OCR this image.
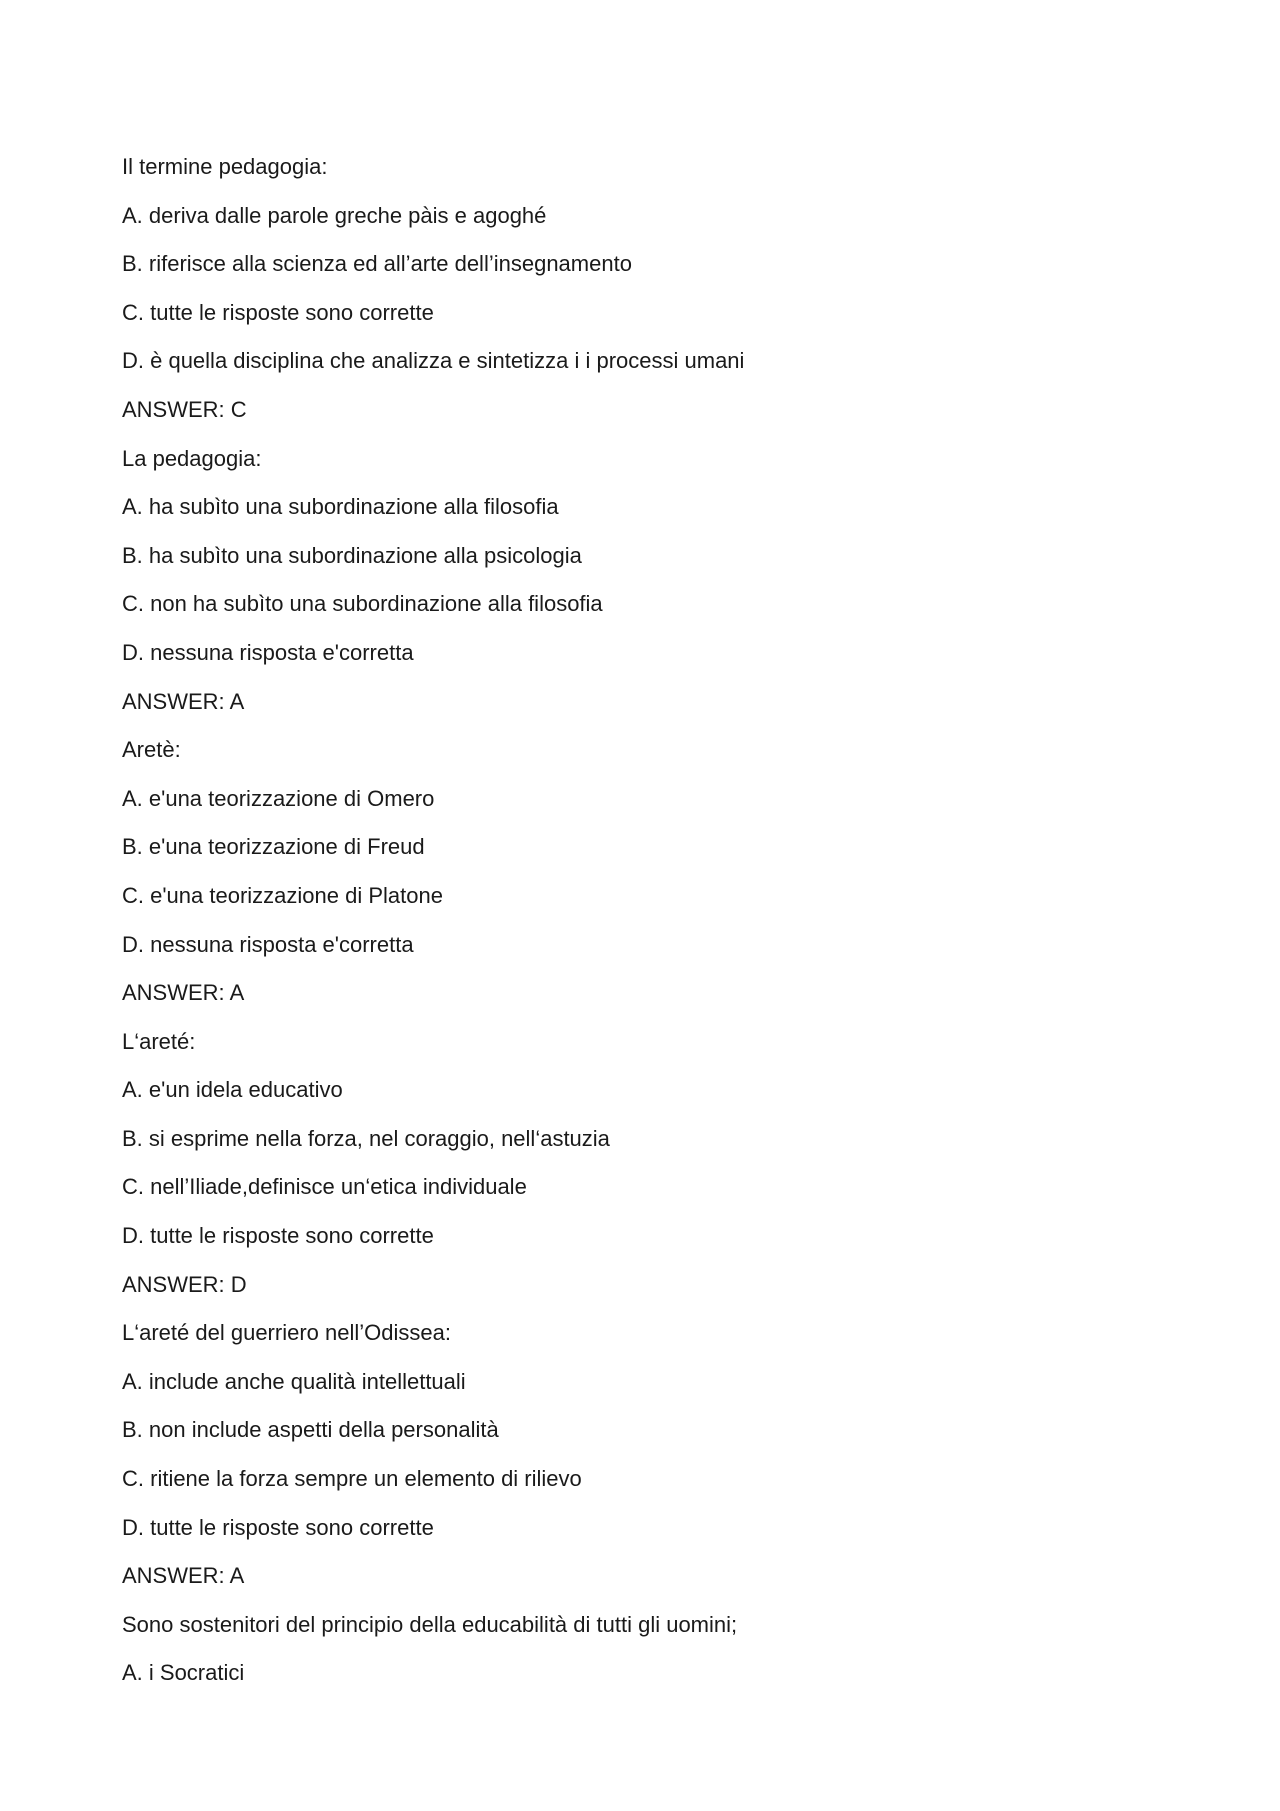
Il termine pedagogia:
A. deriva dalle parole greche pàis e agoghé
B. riferisce alla scienza ed all’arte dell’insegnamento
C. tutte le risposte sono corrette
D. è quella disciplina che analizza e sintetizza i i processi umani
ANSWER: C
La pedagogia:
A. ha subìto una subordinazione alla filosofia
B. ha subìto una subordinazione alla psicologia
C. non ha subìto una subordinazione alla filosofia
D. nessuna risposta e'corretta
ANSWER: A
Aretè:
A. e'una teorizzazione di Omero
B. e'una teorizzazione di Freud
C. e'una teorizzazione di Platone
D. nessuna risposta e'corretta
ANSWER: A
L‘areté:
A. e'un idela educativo
B. si esprime nella forza, nel coraggio, nell‘astuzia
C. nell’Iliade,definisce un‘etica individuale
D. tutte le risposte sono corrette
ANSWER: D
L‘areté del guerriero nell’Odissea:
A. include anche qualità intellettuali
B. non include aspetti della personalità
C. ritiene la forza sempre un elemento di rilievo
D. tutte le risposte sono corrette
ANSWER: A
Sono sostenitori del principio della educabilità di tutti gli uomini;
A. i Socratici
